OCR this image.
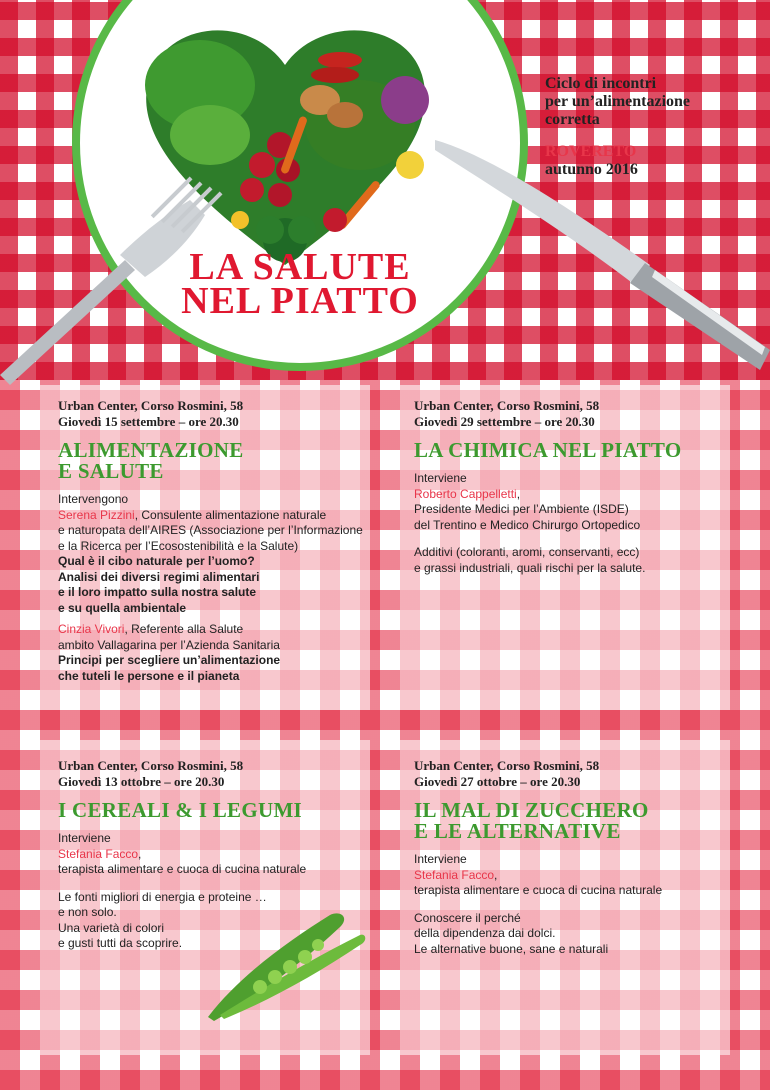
LA SALUTE
NEL PIATTO
Ciclo di incontri
per un’alimentazione
corretta
ROVERETO
autunno 2016
Urban Center, Corso Rosmini, 58
Giovedì 15 settembre – ore 20.30
ALIMENTAZIONE
E SALUTE

Intervengono

Serena Pizzini, Consulente alimentazione naturale

e naturopata dell’AIRES (Associazione per l’Informazione

e la Ricerca per l’Ecosostenibilità e la Salute)

Qual è il cibo naturale per l’uomo?

Analisi dei diversi regimi alimentari

e il loro impatto sulla nostra salute

e su quella ambientale

Cinzia Vivori, Referente alla Salute

ambito Vallagarina per l’Azienda Sanitaria

Principi per scegliere un’alimentazione

che tuteli le persone e il pianeta

Urban Center, Corso Rosmini, 58
Giovedì 29 settembre – ore 20.30
LA CHIMICA NEL PIATTO

Interviene

Roberto Cappelletti,

Presidente Medici per l’Ambiente (ISDE)

del Trentino e Medico Chirurgo Ortopedico

Additivi (coloranti, aromi, conservanti, ecc)

e grassi industriali, quali rischi per la salute.

Urban Center, Corso Rosmini, 58
Giovedì 13 ottobre – ore 20.30
I CEREALI & I LEGUMI

Interviene

Stefania Facco,

terapista alimentare e cuoca di cucina naturale

Le fonti migliori di energia e proteine …

e non solo.

Una varietà di colori

e gusti tutti da scoprire.

Urban Center, Corso Rosmini, 58
Giovedì 27 ottobre – ore 20.30
IL MAL DI ZUCCHERO
E LE ALTERNATIVE

Interviene

Stefania Facco,

terapista alimentare e cuoca di cucina naturale

Conoscere il perché

della dipendenza dai dolci.

Le alternative buone, sane e naturali
